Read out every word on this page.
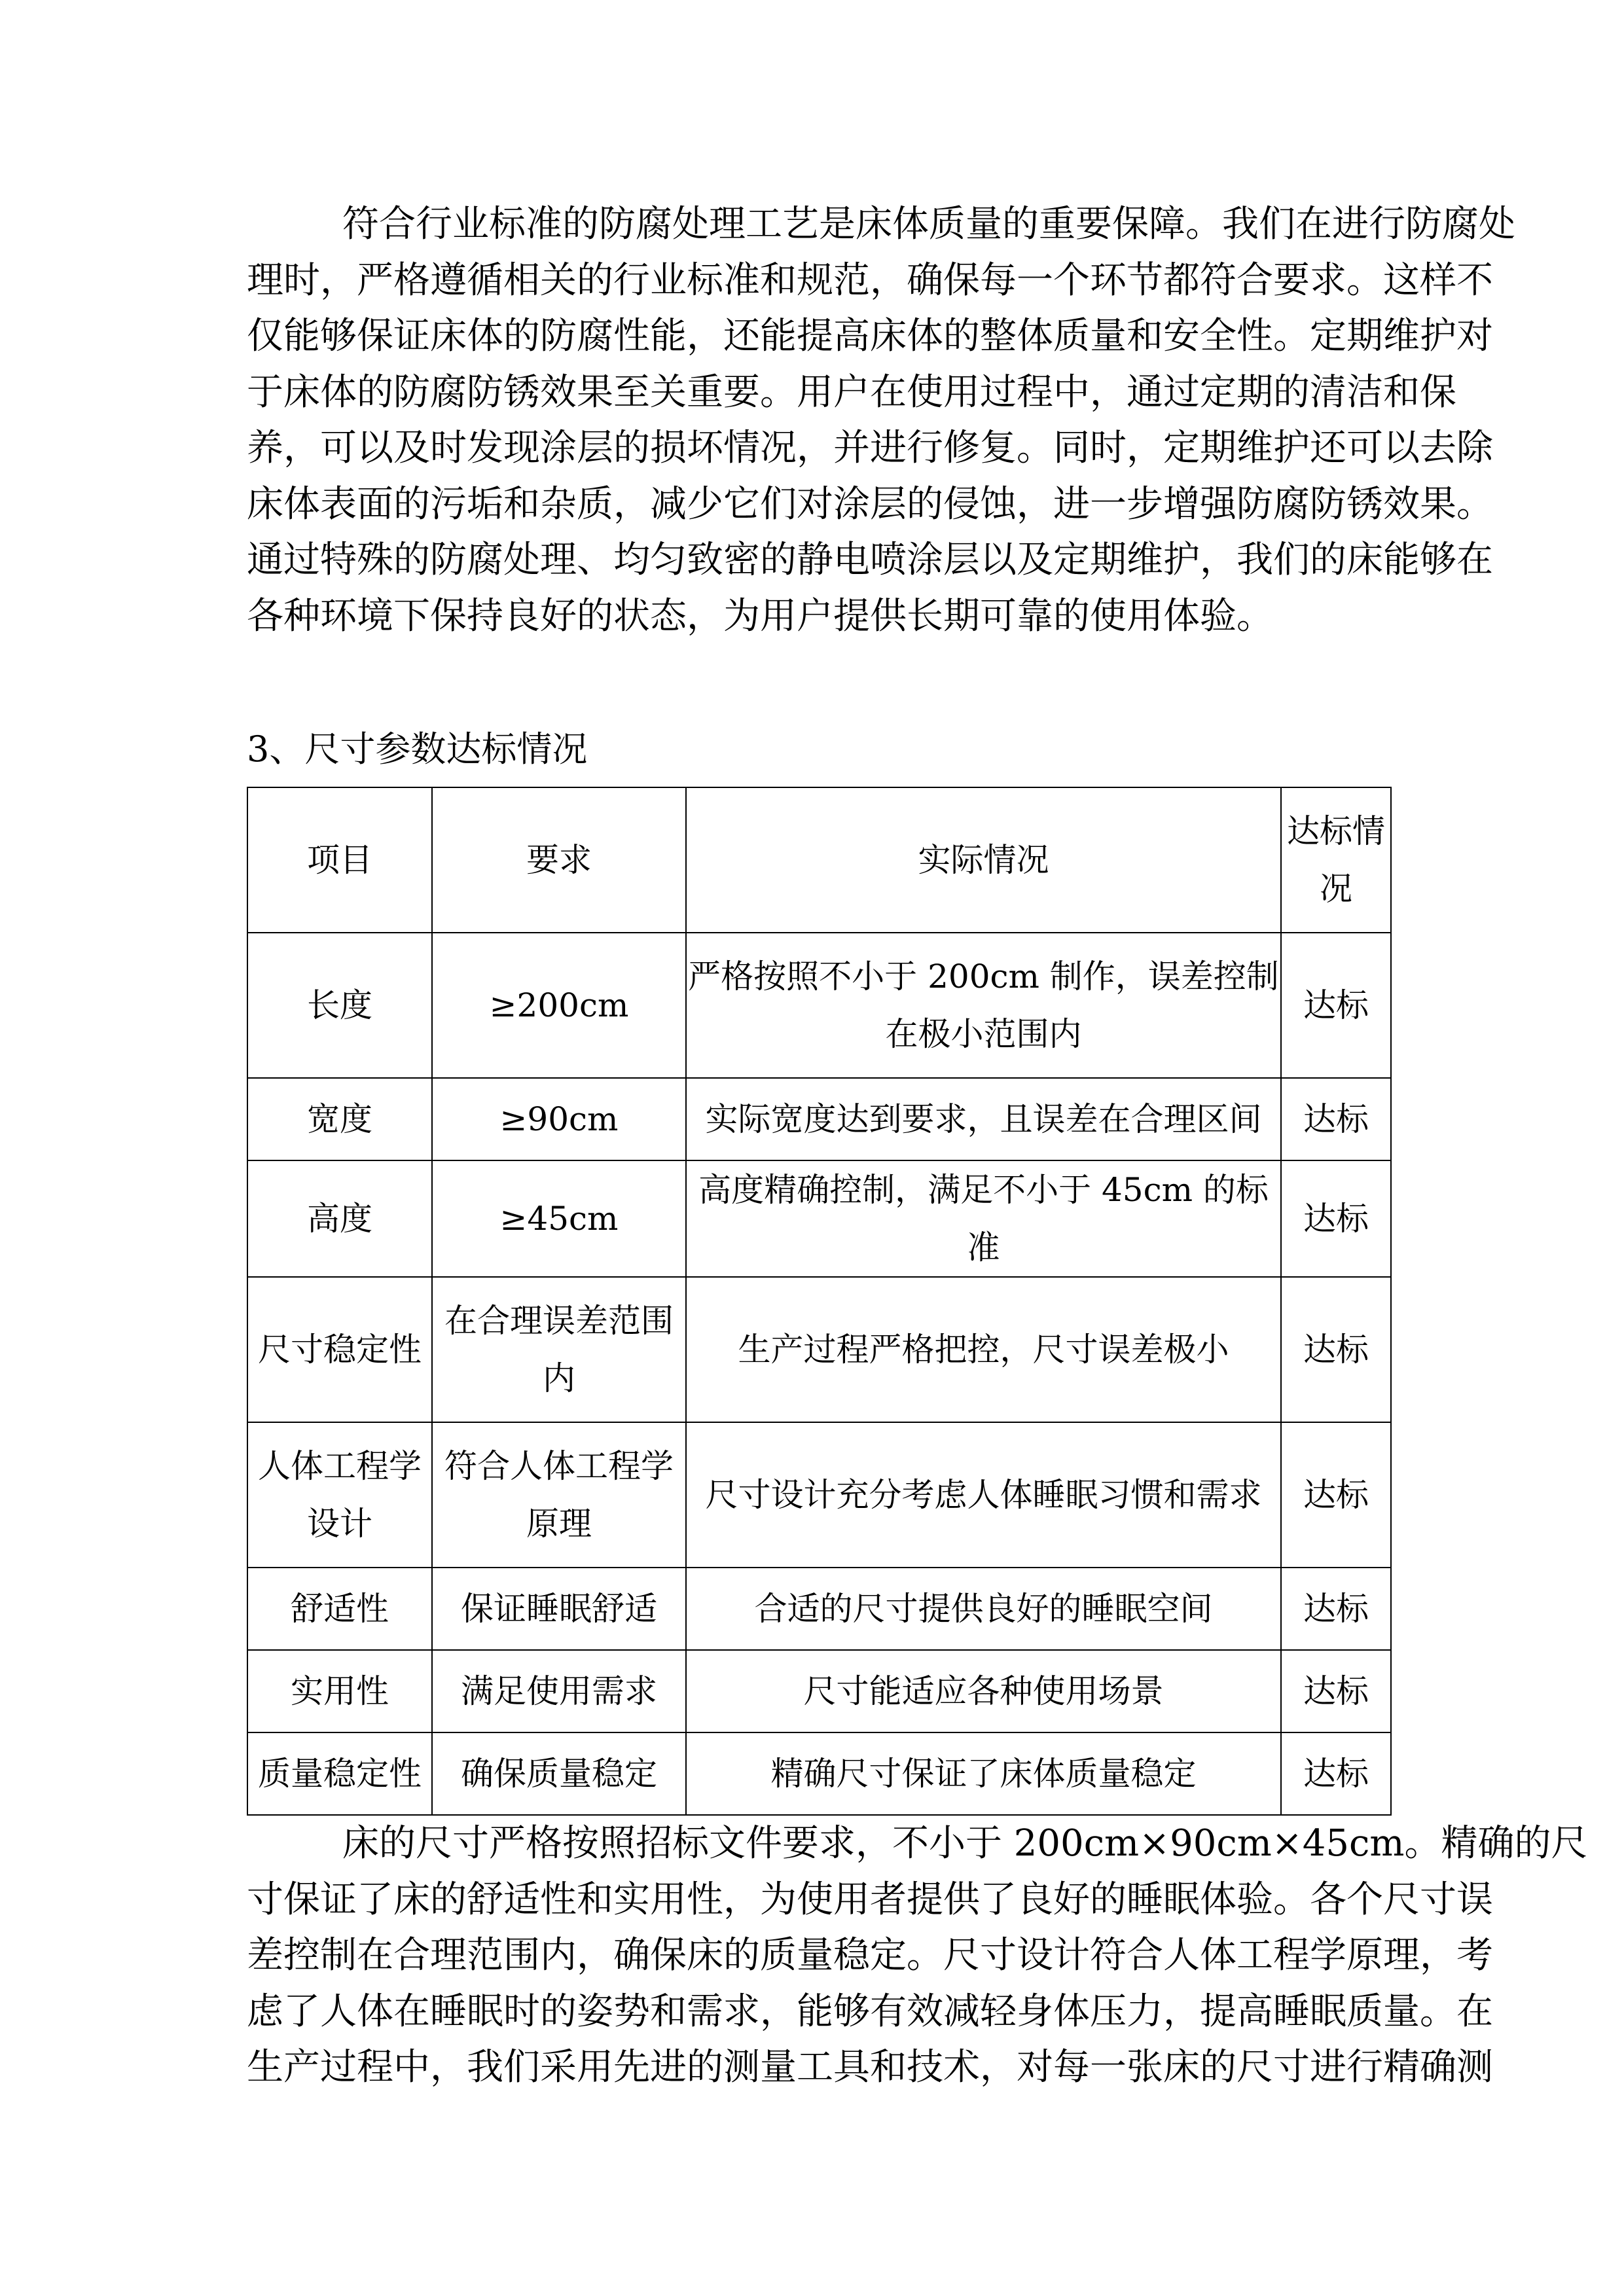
符合行业标准的防腐处理工艺是床体质量的重要保障。我们在进行防腐处
理时，严格遵循相关的行业标准和规范，确保每一个环节都符合要求。这样不
仅能够保证床体的防腐性能，还能提高床体的整体质量和安全性。定期维护对
于床体的防腐防锈效果至关重要。用户在使用过程中，通过定期的清洁和保
养，可以及时发现涂层的损坏情况，并进行修复。同时，定期维护还可以去除
床体表面的污垢和杂质，减少它们对涂层的侵蚀，进一步增强防腐防锈效果。
通过特殊的防腐处理、均匀致密的静电喷涂层以及定期维护，我们的床能够在
各种环境下保持良好的状态，为用户提供长期可靠的使用体验。
3、尺寸参数达标情况
项目	要求	实际情况	达标情
况
长度	≥200cm	严格按照不小于 200cm 制作，误差控制
在极小范围内	达标
宽度	≥90cm	实际宽度达到要求，且误差在合理区间	达标
高度	≥45cm	高度精确控制，满足不小于 45cm 的标准	达标
尺寸稳定性	在合理误差范围
内	生产过程严格把控，尺寸误差极小	达标
人体工程学
设计	符合人体工程学
原理	尺寸设计充分考虑人体睡眠习惯和需求	达标
舒适性	保证睡眠舒适	合适的尺寸提供良好的睡眠空间	达标
实用性	满足使用需求	尺寸能适应各种使用场景	达标
质量稳定性	确保质量稳定	精确尺寸保证了床体质量稳定	达标
床的尺寸严格按照招标文件要求，不小于 200cm×90cm×45cm。精确的尺
寸保证了床的舒适性和实用性，为使用者提供了良好的睡眠体验。各个尺寸误
差控制在合理范围内，确保床的质量稳定。尺寸设计符合人体工程学原理，考
虑了人体在睡眠时的姿势和需求，能够有效减轻身体压力，提高睡眠质量。在
生产过程中，我们采用先进的测量工具和技术，对每一张床的尺寸进行精确测
